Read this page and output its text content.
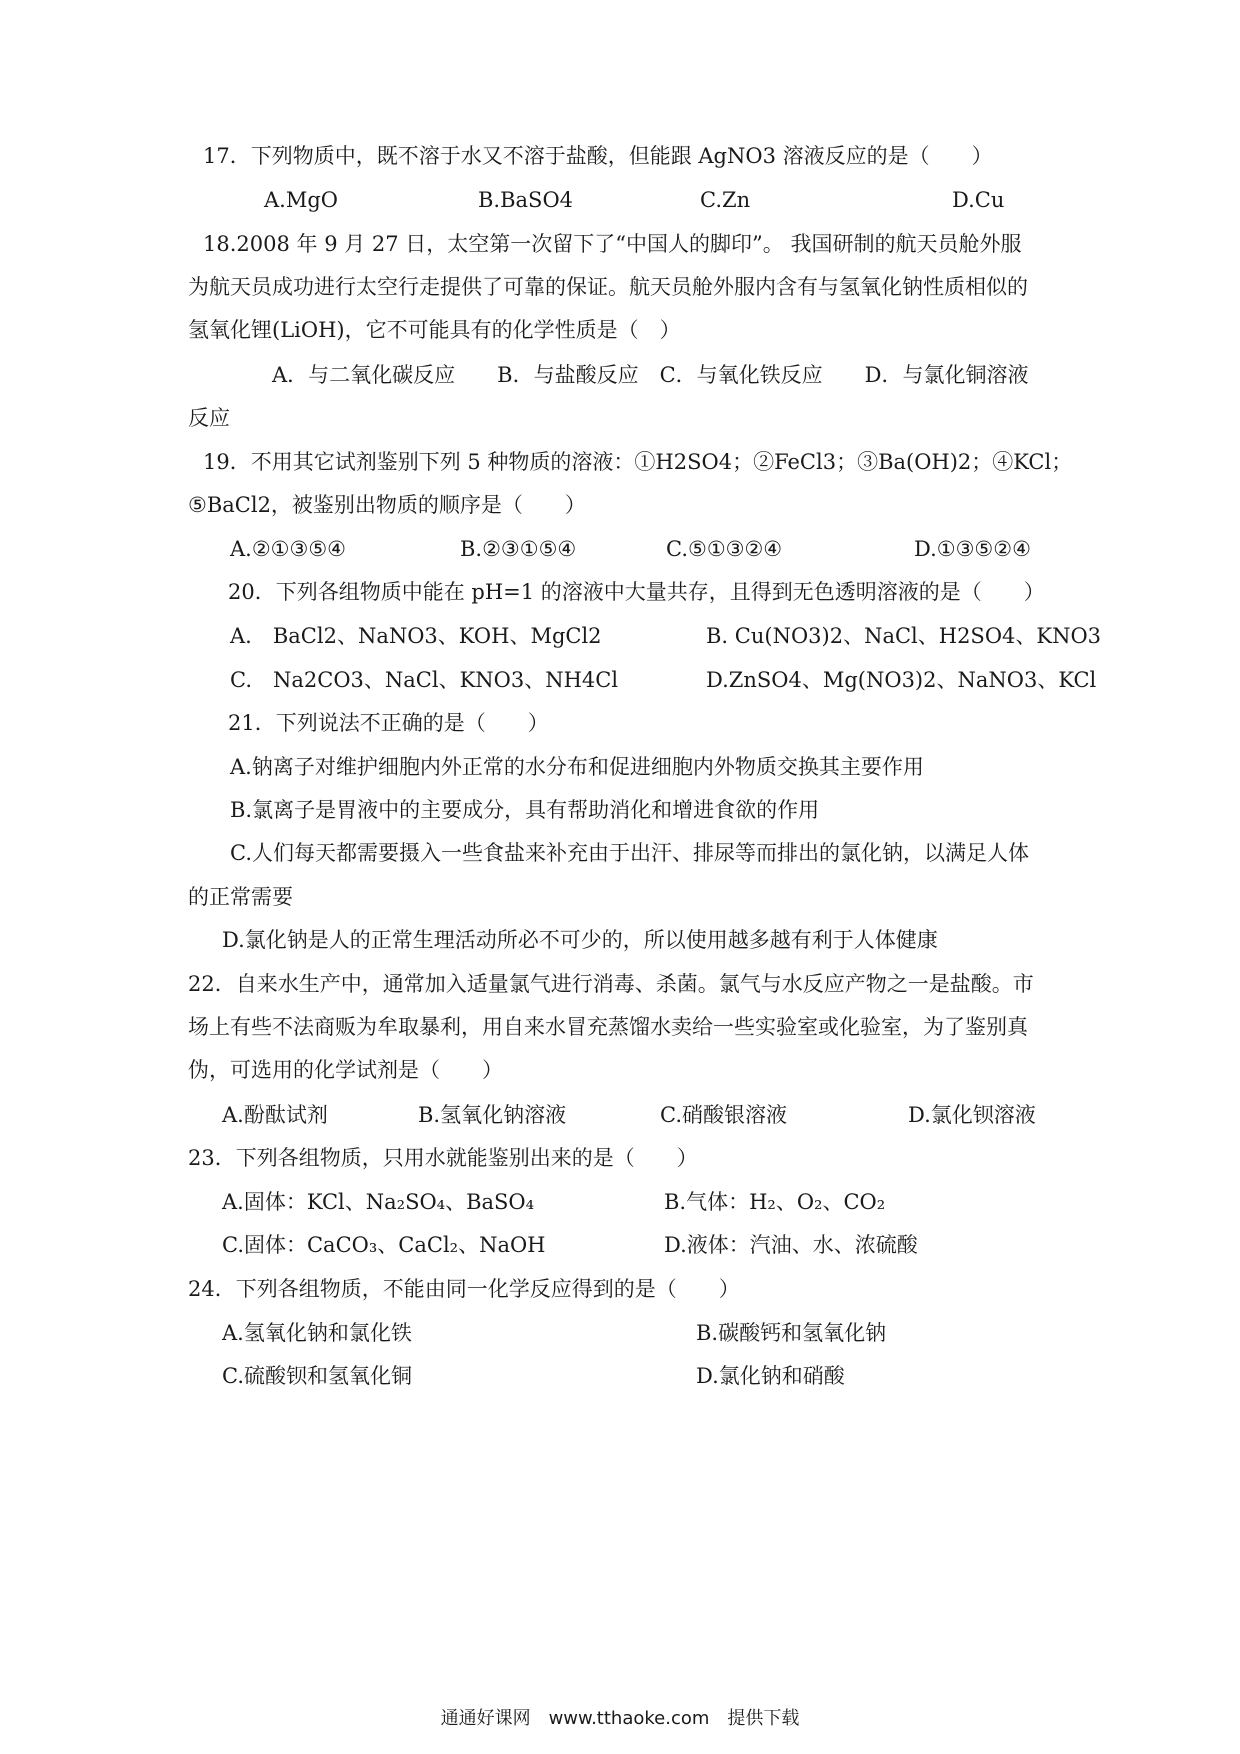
17．下列物质中，既不溶于水又不溶于盐酸，但能跟 AgNO3 溶液反应的是（　　）
A.MgO	B.BaSO4	C.Zn	D.Cu
18.2008 年 9 月 27 日，太空第一次留下了“中国人的脚印”。 我国研制的航天员舱外服
为航天员成功进行太空行走提供了可靠的保证。航天员舱外服内含有与氢氧化钠性质相似的
氢氧化锂(LiOH)，它不可能具有的化学性质是（　）
A．与二氧化碳反应　　B．与盐酸反应　C．与氧化铁反应　　D．与氯化铜溶液
反应
19．不用其它试剂鉴别下列 5 种物质的溶液：①H2SO4；②FeCl3；③Ba(OH)2；④KCl；
⑤BaCl2，被鉴别出物质的顺序是（　　）
A.②①③⑤④	B.②③①⑤④	C.⑤①③②④	D.①③⑤②④
20．下列各组物质中能在 pH=1 的溶液中大量共存，且得到无色透明溶液的是（　　）
A.　BaCl2、NaNO3、KOH、MgCl2	B. Cu(NO3)2、NaCl、H2SO4、KNO3
C.　Na2CO3、NaCl、KNO3、NH4Cl	D.ZnSO4、Mg(NO3)2、NaNO3、KCl
21．下列说法不正确的是（　　）
A.钠离子对维护细胞内外正常的水分布和促进细胞内外物质交换其主要作用
B.氯离子是胃液中的主要成分，具有帮助消化和增进食欲的作用
C.人们每天都需要摄入一些食盐来补充由于出汗、排尿等而排出的氯化钠，以满足人体
的正常需要
D.氯化钠是人的正常生理活动所必不可少的，所以使用越多越有利于人体健康
22．自来水生产中，通常加入适量氯气进行消毒、杀菌。氯气与水反应产物之一是盐酸。市
场上有些不法商贩为牟取暴利，用自来水冒充蒸馏水卖给一些实验室或化验室，为了鉴别真
伪，可选用的化学试剂是（　　）
A.酚酞试剂	B.氢氧化钠溶液	C.硝酸银溶液	D.氯化钡溶液
23．下列各组物质，只用水就能鉴别出来的是（　　）
A.固体：KCl、Na₂SO₄、BaSO₄	B.气体：H₂、O₂、CO₂
C.固体：CaCO₃、CaCl₂、NaOH	D.液体：汽油、水、浓硫酸
24．下列各组物质，不能由同一化学反应得到的是（　　）
A.氢氧化钠和氯化铁	B.碳酸钙和氢氧化钠
C.硫酸钡和氢氧化铜	D.氯化钠和硝酸
通通好课网　www.tthaoke.com　提供下载
